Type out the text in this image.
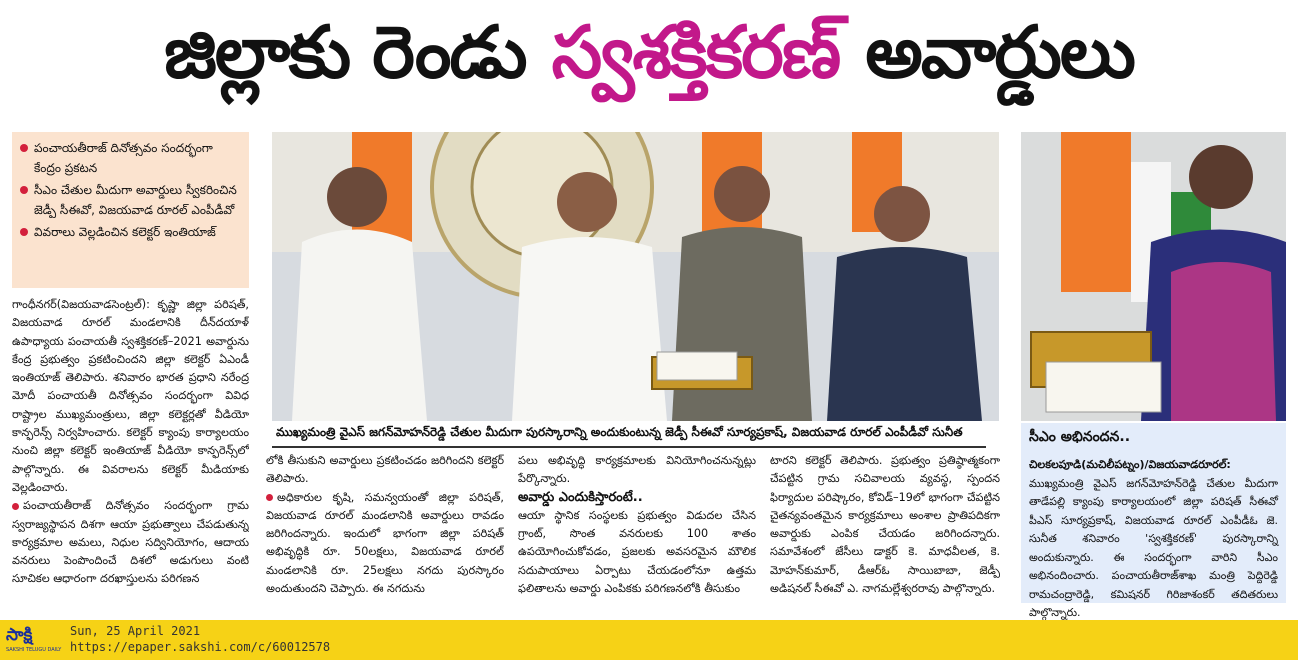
జిల్లాకు రెండు స్వశక్తికరణ్ అవార్డులు
పంచాయతీరాజ్ దినోత్సవం సందర్భంగా కేంద్రం ప్రకటన
సీఎం చేతుల మీదుగా అవార్డులు స్వీకరించిన జెడ్పీ సీఈవో, విజయవాడ రూరల్ ఎంపీడీవో
వివరాలు వెల్లడించిన కలెక్టర్ ఇంతియాజ్

గాంధీనగర్(విజయవాడసెంట్రల్): కృష్ణా జిల్లా పరిషత్, విజయవాడ రూరల్ మండలానికి దీన్‌దయాళ్ ఉపాధ్యాయ పంచాయతీ స్వశక్తికరణ్–2021 అవార్డును కేంద్ర ప్రభుత్వం ప్రకటించిందని జిల్లా కలెక్టర్ ఏఎండీ ఇంతియాజ్ తెలిపారు. శనివారం భారత ప్రధాని నరేంద్ర మోదీ పంచాయతీ దినోత్సవం సందర్భంగా వివిధ రాష్ట్రాల ముఖ్యమంత్రులు, జిల్లా కలెక్టర్లతో వీడియో కాన్ఫరెన్స్ నిర్వహించారు. కలెక్టర్ క్యాంపు కార్యాలయం నుంచి జిల్లా కలెక్టర్ ఇంతియాజ్ వీడియో కాన్ఫరెన్స్‌లో పాల్గొన్నారు. ఈ వివరాలను కలెక్టర్ మీడియాకు వెల్లడించారు.

పంచాయతీరాజ్ దినోత్సవం సందర్భంగా గ్రామ స్వరాజ్యస్థాపన దిశగా ఆయా ప్రభుత్వాలు చేపడుతున్న కార్యక్రమాల అమలు, నిధుల సద్వినియోగం, ఆదాయ వనరులు పెంపొందించే దిశలో అడుగులు వంటి సూచికల ఆధారంగా దరఖాస్తులను పరిగణన

ముఖ్యమంత్రి వైఎస్ జగన్‌మోహన్‌రెడ్డి చేతుల మీదుగా పురస్కారాన్ని అందుకుంటున్న జెడ్పీ సీఈవో సూర్యప్రకాష్, విజయవాడ రూరల్ ఎంపీడీవో సునీత

లోకి తీసుకుని అవార్డులు ప్రకటించడం జరిగిందని కలెక్టర్ తెలిపారు.

అధికారుల కృషి, సమన్వయంతో జిల్లా పరిషత్, విజయవాడ రూరల్ మండలానికి అవార్డులు రావడం జరిగిందన్నారు. ఇందులో భాగంగా జిల్లా పరిషత్ అభివృద్ధికి రూ. 50లక్షలు, విజయవాడ రూరల్ మండలానికి రూ. 25లక్షలు నగదు పురస్కారం అందుతుందని చెప్పారు. ఈ నగదును

పలు అభివృద్ధి కార్యక్రమాలకు వినియోగించనున్నట్లు పేర్కొన్నారు.

అవార్డు ఎందుకిస్తారంటే..

ఆయా స్థానిక సంస్థలకు ప్రభుత్వం విడుదల చేసిన గ్రాంట్, సొంత వనరులకు 100 శాతం ఉపయోగించుకోవడం, ప్రజలకు అవసరమైన మౌలిక సదుపాయాలు ఏర్పాటు చేయడంలోనూ ఉత్తమ ఫలితాలను అవార్డు ఎంపికకు పరిగణనలోకి తీసుకుం

టారని కలెక్టర్ తెలిపారు. ప్రభుత్వం ప్రతిష్ఠాత్మకంగా చేపట్టిన గ్రామ సచివాలయ వ్యవస్థ, స్పందన ఫిర్యాదుల పరిష్కారం, కోవిడ్–19లో భాగంగా చేపట్టిన చైతన్యవంతమైన కార్యక్రమాలు అంశాల ప్రాతిపదికగా అవార్డుకు ఎంపిక చేయడం జరిగిందన్నారు. సమావేశంలో జేసీలు డాక్టర్ కె. మాధవీలత, కె. మోహన్‌కుమార్, డీఆర్‌ఓ సాయిబాబా, జెడ్పీ అడిషనల్ సీఈవో ఎ. నాగమల్లేశ్వరరావు పాల్గొన్నారు.

సీఎం అభినందన..
చిలకలపూడి(మచిలీపట్నం)/విజయవాడరూరల్: ముఖ్యమంత్రి వైఎస్ జగన్‌మోహన్‌రెడ్డి చేతుల మీదుగా తాడేపల్లి క్యాంపు కార్యాలయంలో జిల్లా పరిషత్ సీఈవో పీఎస్ సూర్యప్రకాష్, విజయవాడ రూరల్ ఎంపీడీఓ జె. సునీత శనివారం 'స్వశక్తికరణ్' పురస్కారాన్ని అందుకున్నారు. ఈ సందర్భంగా వారిని సీఎం అభినందించారు. పంచాయతీరాజ్‌శాఖ మంత్రి పెద్దిరెడ్డి రామచంద్రారెడ్డి, కమిషనర్ గిరిజాశంకర్ తదితరులు పాల్గొన్నారు.
సాక్షి
SAKSHI TELUGU DAILY
Sun, 25 April 2021
https://epaper.sakshi.com/c/60012578
